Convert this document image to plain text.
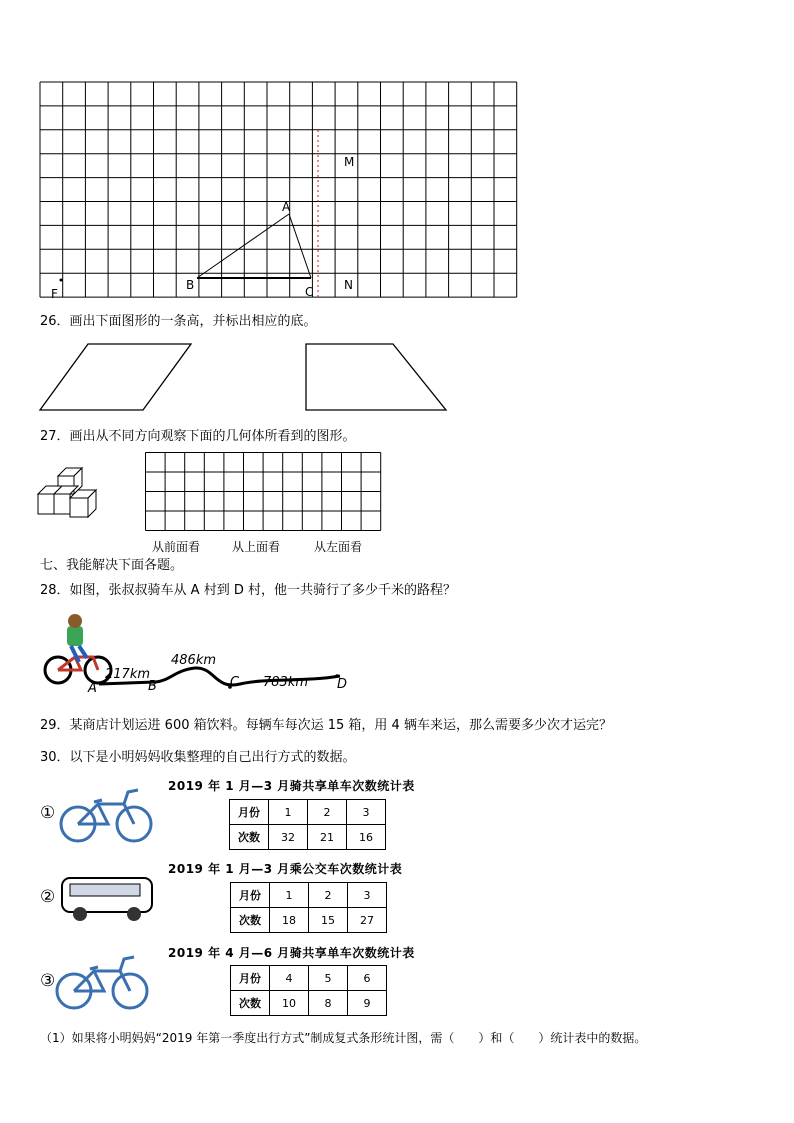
M
A
B	C	N
F
26．画出下面图形的一条高，并标出相应的底。
27．画出从不同方向观察下面的几何体所看到的图形。
从前面看	从上面看	从左面看
七、我能解决下面各题。
28．如图，张叔叔骑车从 A 村到 D 村，他一共骑行了多少千米的路程？
217km
486km
783km
A	B	C	D
29．某商店计划运进 600 箱饮料。每辆车每次运 15 箱，用 4 辆车来运，那么需要多少次才运完？
30．以下是小明妈妈收集整理的自己出行方式的数据。
①
2019 年 1 月—3 月骑共享单车次数统计表
月份	1	2	3
次数	32	21	16
②
2019 年 1 月—3 月乘公交车次数统计表
月份	1	2	3
次数	18	15	27
③
2019 年 4 月—6 月骑共享单车次数统计表
月份	4	5	6
次数	10	8	9
（1）如果将小明妈妈“2019 年第一季度出行方式”制成复式条形统计图，需（　　）和（　　）统计表中的数据。
